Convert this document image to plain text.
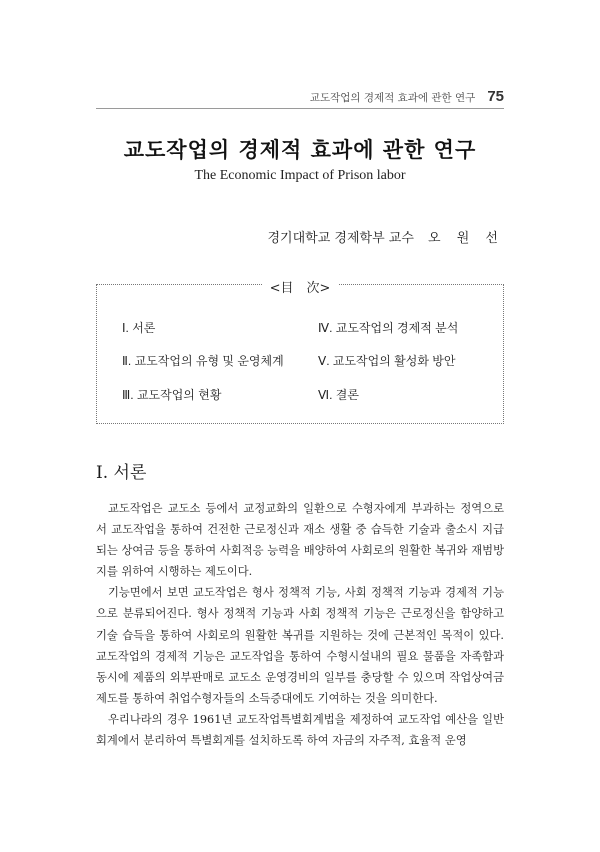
교도작업의 경제적 효과에 관한 연구 75
교도작업의 경제적 효과에 관한 연구
The Economic Impact of Prison labor
경기대학교 경제학부 교수 오 원 선
<目　次>
Ⅰ. 서론
Ⅱ. 교도작업의 유형 및 운영체계
Ⅲ. 교도작업의 현황
Ⅳ. 교도작업의 경제적 분석
Ⅴ. 교도작업의 활성화 방안
Ⅵ. 결론
Ⅰ. 서론

교도작업은 교도소 등에서 교정교화의 일환으로 수형자에게 부과하는 정역으로서 교도작업을 통하여 건전한 근로정신과 재소 생활 중 습득한 기술과 출소시 지급되는 상여금 등을 통하여 사회적응 능력을 배양하여 사회로의 원활한 복귀와 재범방지를 위하여 시행하는 제도이다.

기능면에서 보면 교도작업은 형사 정책적 기능, 사회 정책적 기능과 경제적 기능으로 분류되어진다. 형사 정책적 기능과 사회 정책적 기능은 근로정신을 함양하고 기술 습득을 통하여 사회로의 원활한 복귀를 지원하는 것에 근본적인 목적이 있다. 교도작업의 경제적 기능은 교도작업을 통하여 수형시설내의 필요 물품을 자족함과 동시에 제품의 외부판매로 교도소 운영경비의 일부를 충당할 수 있으며 작업상여금제도를 통하여 취업수형자들의 소득증대에도 기여하는 것을 의미한다.

우리나라의 경우 1961년 교도작업특별회계법을 제정하여 교도작업 예산을 일반회계에서 분리하여 특별회계를 설치하도록 하여 자금의 자주적, 효율적 운영
